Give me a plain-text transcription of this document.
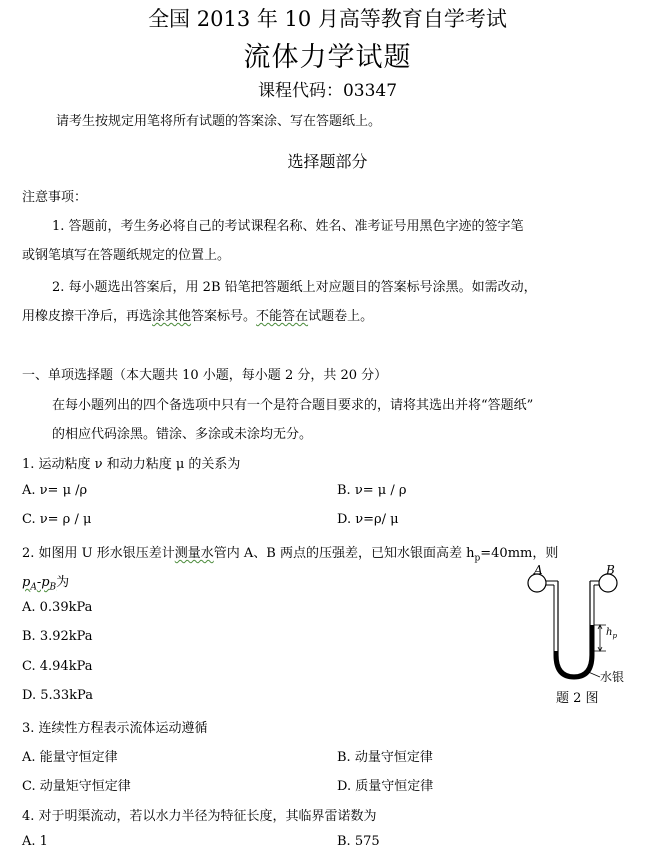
全国 2013 年 10 月高等教育自学考试
流体力学试题
课程代码：03347
请考生按规定用笔将所有试题的答案涂、写在答题纸上。
选择题部分
注意事项：
1. 答题前，考生务必将自己的考试课程名称、姓名、准考证号用黑色字迹的签字笔
或钢笔填写在答题纸规定的位置上。
2. 每小题选出答案后，用 2B 铅笔把答题纸上对应题目的答案标号涂黑。如需改动，
用橡皮擦干净后，再选涂其他答案标号。不能答在试题卷上。
一、单项选择题（本大题共 10 小题，每小题 2 分，共 20 分）
在每小题列出的四个备选项中只有一个是符合题目要求的，请将其选出并将“答题纸”
的相应代码涂黑。错涂、多涂或未涂均无分。
1. 运动粘度 ν 和动力粘度 μ 的关系为
A. ν= μ /ρ	B. ν= μ / ρ
C. ν= ρ / μ	D. ν=ρ/ μ
2. 如图用 U 形水银压差计测量水管内 A、B 两点的压强差，已知水银面高差 $h_p=40mm$，则
$p_A-p_B$为
A. 0.39kPa
B. 3.92kPa
C. 4.94kPa
D. 5.33kPa
A	B
$h_p$
水银
题 2 图
3. 连续性方程表示流体运动遵循
A. 能量守恒定律	B. 动量守恒定律
C. 动量矩守恒定律	D. 质量守恒定律
4. 对于明渠流动，若以水力半径为特征长度，其临界雷诺数为
A. 1	B. 575
